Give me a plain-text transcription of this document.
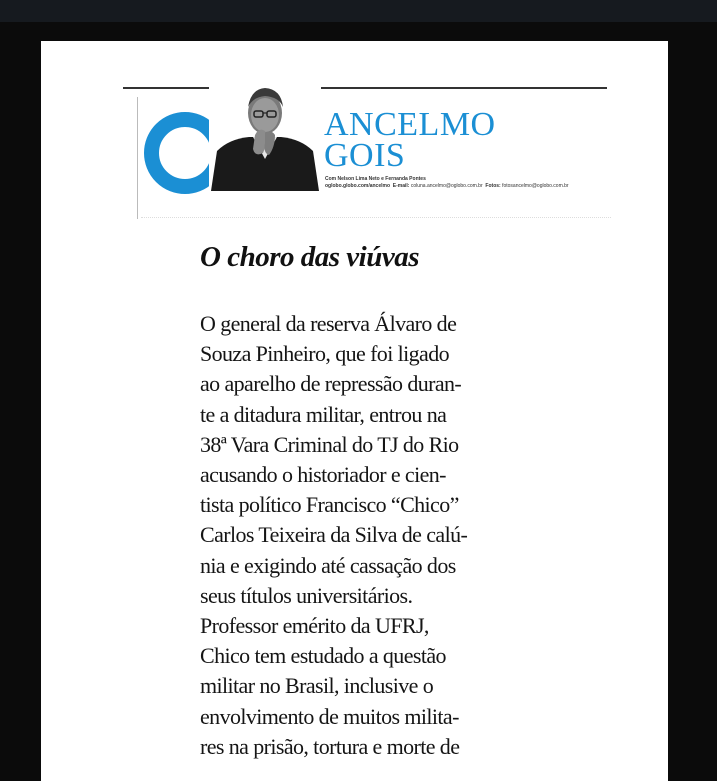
ANCELMO
GOIS
Com Nelson Lima Neto e Fernanda Pontes
oglobo.globo.com/ancelmo E-mail: coluna.ancelmo@oglobo.com.br Fotos: fotosancelmo@oglobo.com.br
O choro das viúvas
O general da reserva Álvaro de
Souza Pinheiro, que foi ligado
ao aparelho de repressão duran-
te a ditadura militar, entrou na
38ª Vara Criminal do TJ do Rio
acusando o historiador e cien-
tista político Francisco “Chico”
Carlos Teixeira da Silva de calú-
nia e exigindo até cassação dos
seus títulos universitários.
Professor emérito da UFRJ,
Chico tem estudado a questão
militar no Brasil, inclusive o
envolvimento de muitos milita-
res na prisão, tortura e morte de
